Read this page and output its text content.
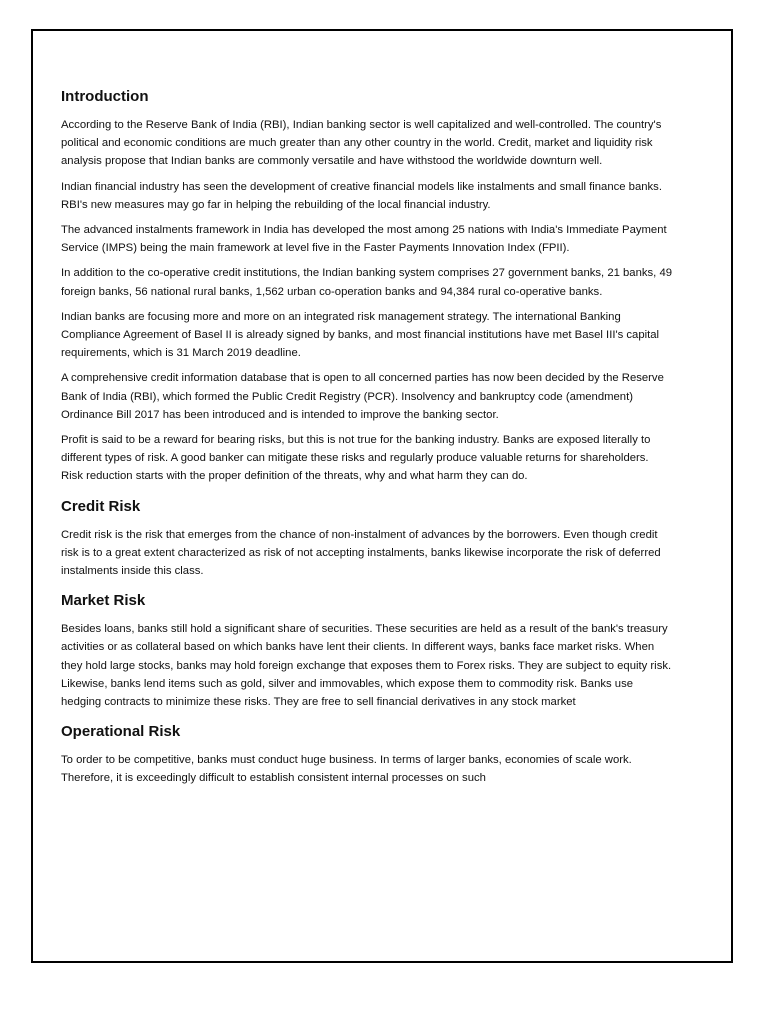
Introduction

According to the Reserve Bank of India (RBI), Indian banking sector is well capitalized and well-controlled. The country's political and economic conditions are much greater than any other country in the world. Credit, market and liquidity risk analysis propose that Indian banks are commonly versatile and have withstood the worldwide downturn well.

Indian financial industry has seen the development of creative financial models like instalments and small finance banks. RBI's new measures may go far in helping the rebuilding of the local financial industry.

The advanced instalments framework in India has developed the most among 25 nations with India's Immediate Payment Service (IMPS) being the main framework at level five in the Faster Payments Innovation Index (FPII).

In addition to the co-operative credit institutions, the Indian banking system comprises 27 government banks, 21 banks, 49 foreign banks, 56 national rural banks, 1,562 urban co-operation banks and 94,384 rural co-operative banks.

Indian banks are focusing more and more on an integrated risk management strategy. The international Banking Compliance Agreement of Basel II is already signed by banks, and most financial institutions have met Basel III's capital requirements, which is 31 March 2019 deadline.

A comprehensive credit information database that is open to all concerned parties has now been decided by the Reserve Bank of India (RBI), which formed the Public Credit Registry (PCR). Insolvency and bankruptcy code (amendment) Ordinance Bill 2017 has been introduced and is intended to improve the banking sector.

Profit is said to be a reward for bearing risks, but this is not true for the banking industry. Banks are exposed literally to different types of risk. A good banker can mitigate these risks and regularly produce valuable returns for shareholders. Risk reduction starts with the proper definition of the threats, why and what harm they can do.

Credit Risk

Credit risk is the risk that emerges from the chance of non-instalment of advances by the borrowers. Even though credit risk is to a great extent characterized as risk of not accepting instalments, banks likewise incorporate the risk of deferred instalments inside this class.

Market Risk

Besides loans, banks still hold a significant share of securities. These securities are held as a result of the bank's treasury activities or as collateral based on which banks have lent their clients. In different ways, banks face market risks. When they hold large stocks, banks may hold foreign exchange that exposes them to Forex risks. They are subject to equity risk. Likewise, banks lend items such as gold, silver and immovables, which expose them to commodity risk. Banks use hedging contracts to minimize these risks. They are free to sell financial derivatives in any stock market

Operational Risk

To order to be competitive, banks must conduct huge business. In terms of larger banks, economies of scale work. Therefore, it is exceedingly difficult to establish consistent internal processes on such
